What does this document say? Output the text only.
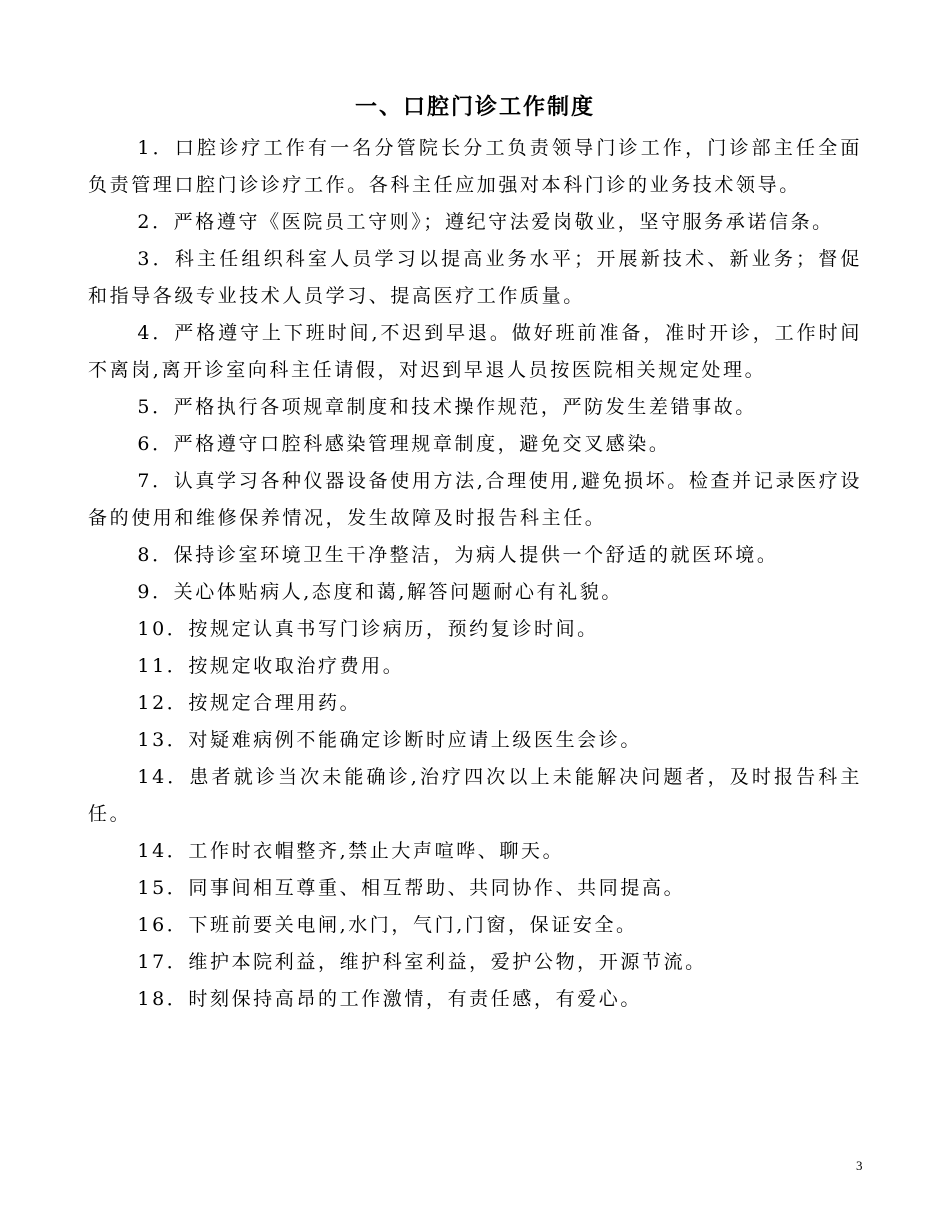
一、口腔门诊工作制度

1．口腔诊疗工作有一名分管院长分工负责领导门诊工作，门诊部主任全面负责管理口腔门诊诊疗工作。各科主任应加强对本科门诊的业务技术领导。

2．严格遵守《医院员工守则》；遵纪守法爱岗敬业，坚守服务承诺信条。

3．科主任组织科室人员学习以提高业务水平；开展新技术、新业务；督促和指导各级专业技术人员学习、提高医疗工作质量。

4．严格遵守上下班时间,不迟到早退。做好班前准备，准时开诊，工作时间不离岗,离开诊室向科主任请假，对迟到早退人员按医院相关规定处理。

5．严格执行各项规章制度和技术操作规范，严防发生差错事故。

6．严格遵守口腔科感染管理规章制度，避免交叉感染。

7．认真学习各种仪器设备使用方法,合理使用,避免损坏。检查并记录医疗设备的使用和维修保养情况，发生故障及时报告科主任。

8．保持诊室环境卫生干净整洁，为病人提供一个舒适的就医环境。

9．关心体贴病人,态度和蔼,解答问题耐心有礼貌。

10．按规定认真书写门诊病历，预约复诊时间。

11．按规定收取治疗费用。

12．按规定合理用药。

13．对疑难病例不能确定诊断时应请上级医生会诊。

14．患者就诊当次未能确诊,治疗四次以上未能解决问题者，及时报告科主任。

14．工作时衣帽整齐,禁止大声喧哗、聊天。

15．同事间相互尊重、相互帮助、共同协作、共同提高。

16．下班前要关电闸,水门，气门,门窗，保证安全。

17．维护本院利益，维护科室利益，爱护公物，开源节流。

18．时刻保持高昂的工作激情，有责任感，有爱心。

3
